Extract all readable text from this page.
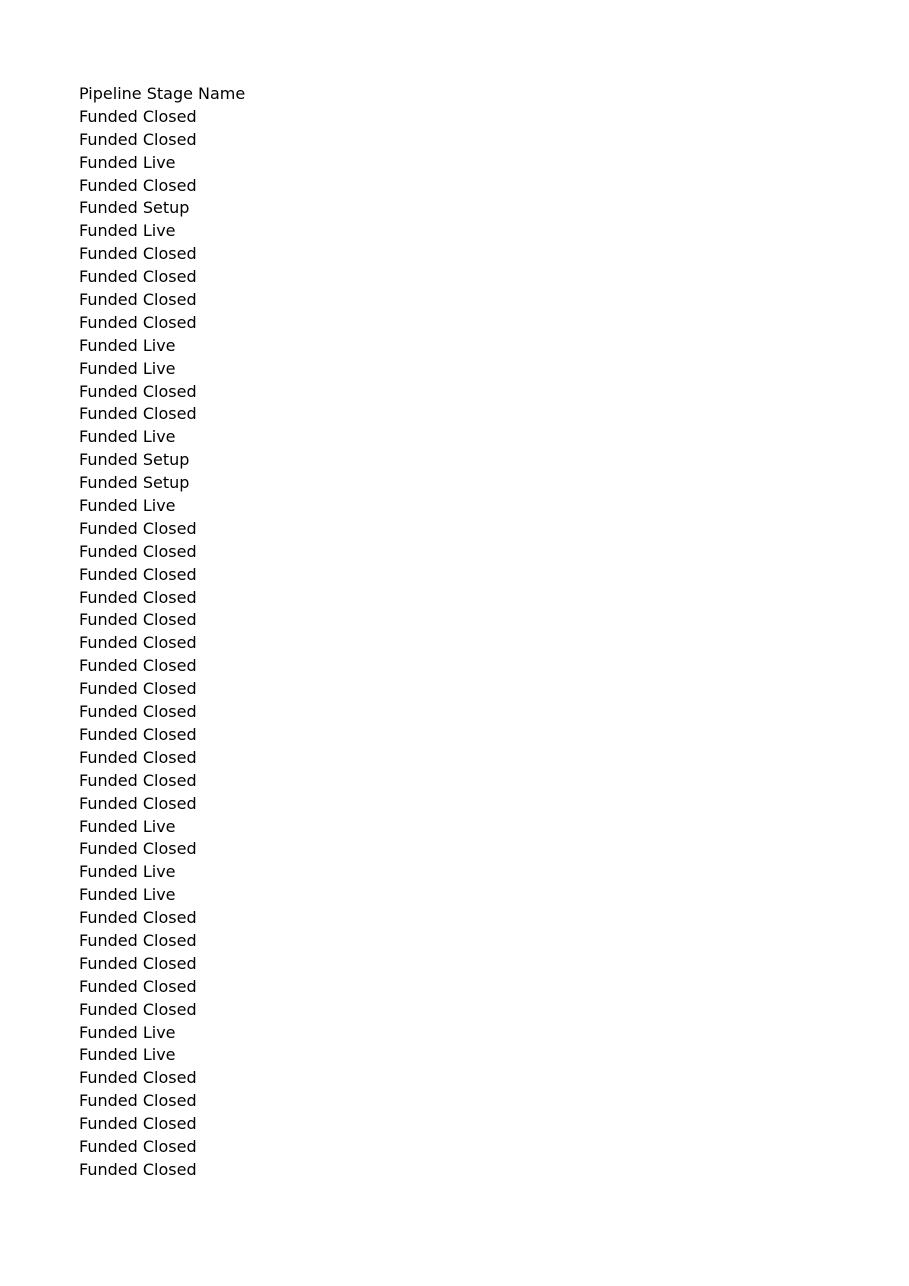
Pipeline Stage Name
Funded Closed
Funded Closed
Funded Live
Funded Closed
Funded Setup
Funded Live
Funded Closed
Funded Closed
Funded Closed
Funded Closed
Funded Live
Funded Live
Funded Closed
Funded Closed
Funded Live
Funded Setup
Funded Setup
Funded Live
Funded Closed
Funded Closed
Funded Closed
Funded Closed
Funded Closed
Funded Closed
Funded Closed
Funded Closed
Funded Closed
Funded Closed
Funded Closed
Funded Closed
Funded Closed
Funded Live
Funded Closed
Funded Live
Funded Live
Funded Closed
Funded Closed
Funded Closed
Funded Closed
Funded Closed
Funded Live
Funded Live
Funded Closed
Funded Closed
Funded Closed
Funded Closed
Funded Closed
